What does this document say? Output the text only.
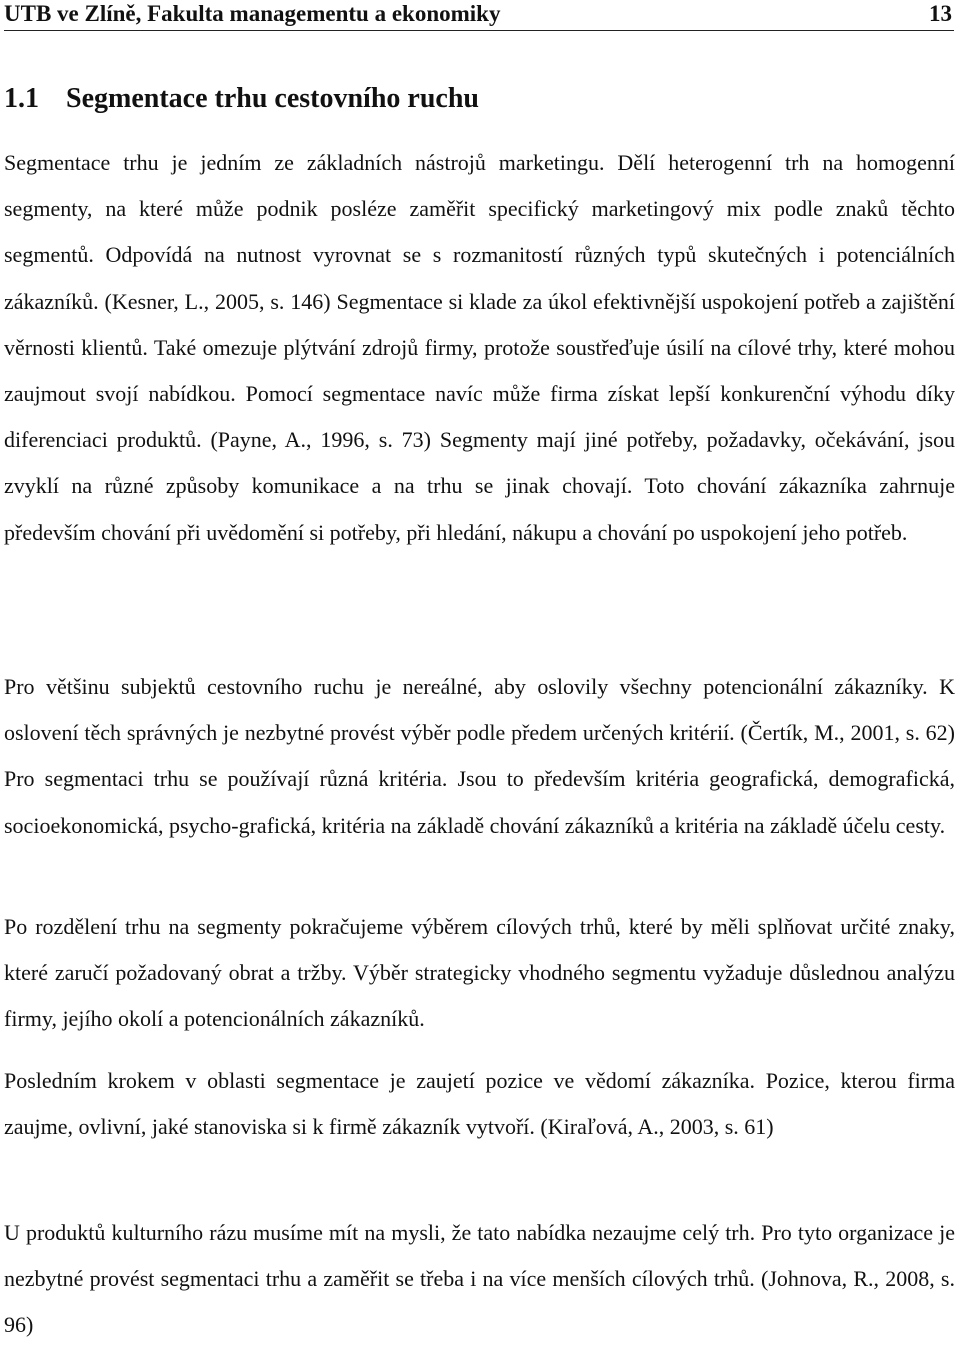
UTB ve Zlíně, Fakulta managementu a ekonomiky	13
1.1 Segmentace trhu cestovního ruchu

Segmentace trhu je jedním ze základních nástrojů marketingu. Dělí heterogenní trh na homogenní segmenty, na které může podnik posléze zaměřit specifický marketingový mix podle znaků těchto segmentů. Odpovídá na nutnost vyrovnat se s rozmanitostí různých typů skutečných i potenciálních zákazníků. (Kesner, L., 2005, s. 146) Segmentace si klade za úkol efektivnější uspokojení potřeb a zajištění věrnosti klientů. Také omezuje plýtvání zdrojů firmy, protože soustřeďuje úsilí na cílové trhy, které mohou zaujmout svojí nabídkou. Pomocí segmentace navíc může firma získat lepší konkurenční výhodu díky diferenciaci produktů. (Payne, A., 1996, s. 73) Segmenty mají jiné potřeby, požadavky, očekávání, jsou zvyklí na různé způsoby komunikace a na trhu se jinak chovají. Toto chování zákazníka zahrnuje především chování při uvědomění si potřeby, při hledání, nákupu a chování po uspokojení jeho potřeb.

Pro většinu subjektů cestovního ruchu je nereálné, aby oslovily všechny potencionální zákazníky. K oslovení těch správných je nezbytné provést výběr podle předem určených kritérií. (Čertík, M., 2001, s. 62) Pro segmentaci trhu se používají různá kritéria. Jsou to především kritéria geografická, demografická, socioekonomická, psycho-grafická, kritéria na základě chování zákazníků a kritéria na základě účelu cesty.

Po rozdělení trhu na segmenty pokračujeme výběrem cílových trhů, které by měli splňovat určité znaky, které zaručí požadovaný obrat a tržby. Výběr strategicky vhodného segmentu vyžaduje důslednou analýzu firmy, jejího okolí a potencionálních zákazníků.

Posledním krokem v oblasti segmentace je zaujetí pozice ve vědomí zákazníka. Pozice, kterou firma zaujme, ovlivní, jaké stanoviska si k firmě zákazník vytvoří. (Kiraľová, A., 2003, s. 61)

U produktů kulturního rázu musíme mít na mysli, že tato nabídka nezaujme celý trh. Pro tyto organizace je nezbytné provést segmentaci trhu a zaměřit se třeba i na více menších cílových trhů. (Johnova, R., 2008, s. 96)
